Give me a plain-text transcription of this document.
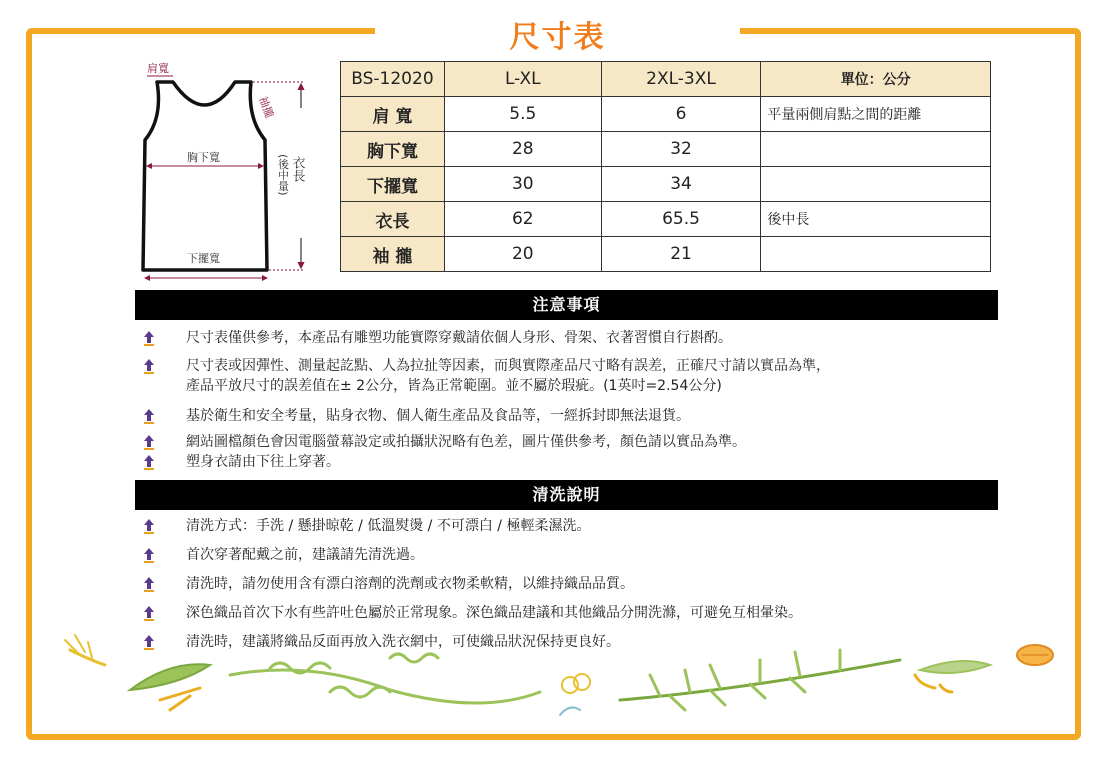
尺寸表
肩寬
袖攏
胸下寬
下擺寬
衣長
(後中量)
BS-12020	L-XL	2XL-3XL	單位：公分
肩 寬	5.5	6	平量兩側肩點之間的距離
胸下寬	28	32	
下擺寬	30	34	
衣長	62	65.5	後中長
袖 攏	20	21	
注意事項
尺寸表僅供參考，本產品有雕塑功能實際穿戴請依個人身形、骨架、衣著習慣自行斟酌。
尺寸表或因彈性、測量起訖點、人為拉扯等因素，而與實際產品尺寸略有誤差，正確尺寸請以實品為準，
產品平放尺寸的誤差值在± 2公分，皆為正常範圍。並不屬於瑕疵。(1英吋=2.54公分)
基於衛生和安全考量，貼身衣物、個人衛生產品及食品等，一經拆封即無法退貨。
網站圖檔顏色會因電腦螢幕設定或拍攝狀況略有色差，圖片僅供參考，顏色請以實品為準。
塑身衣請由下往上穿著。
清洗說明
清洗方式：手洗 / 懸掛晾乾 / 低溫熨燙 / 不可漂白 / 極輕柔濕洗。
首次穿著配戴之前，建議請先清洗過。
清洗時，請勿使用含有漂白溶劑的洗劑或衣物柔軟精，以維持織品品質。
深色織品首次下水有些許吐色屬於正常現象。深色織品建議和其他織品分開洗滌，可避免互相暈染。
清洗時，建議將織品反面再放入洗衣網中，可使織品狀況保持更良好。
